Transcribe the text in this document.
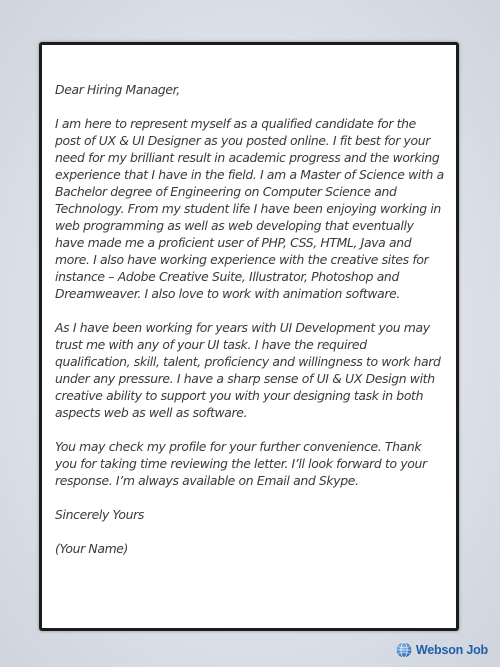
Dear Hiring Manager,

I am here to represent myself as a qualified candidate for the post of UX & UI Designer as you posted online. I fit best for your need for my brilliant result in academic progress and the working experience that I have in the field. I am a Master of Science with a Bachelor degree of Engineering on Computer Science and Technology. From my student life I have been enjoying working in web programming as well as web developing that eventually have made me a proficient user of PHP, CSS, HTML, Java and more. I also have working experience with the creative sites for instance – Adobe Creative Suite, Illustrator, Photoshop and Dreamweaver. I also love to work with animation software.

As I have been working for years with UI Development you may trust me with any of your UI task. I have the required qualification, skill, talent, proficiency and willingness to work hard under any pressure. I have a sharp sense of UI & UX Design with creative ability to support you with your designing task in both aspects web as well as software.

You may check my profile for your further convenience. Thank you for taking time reviewing the letter. I’ll look forward to your response. I’m always available on Email and Skype.

Sincerely Yours

(Your Name)

Webson Job
